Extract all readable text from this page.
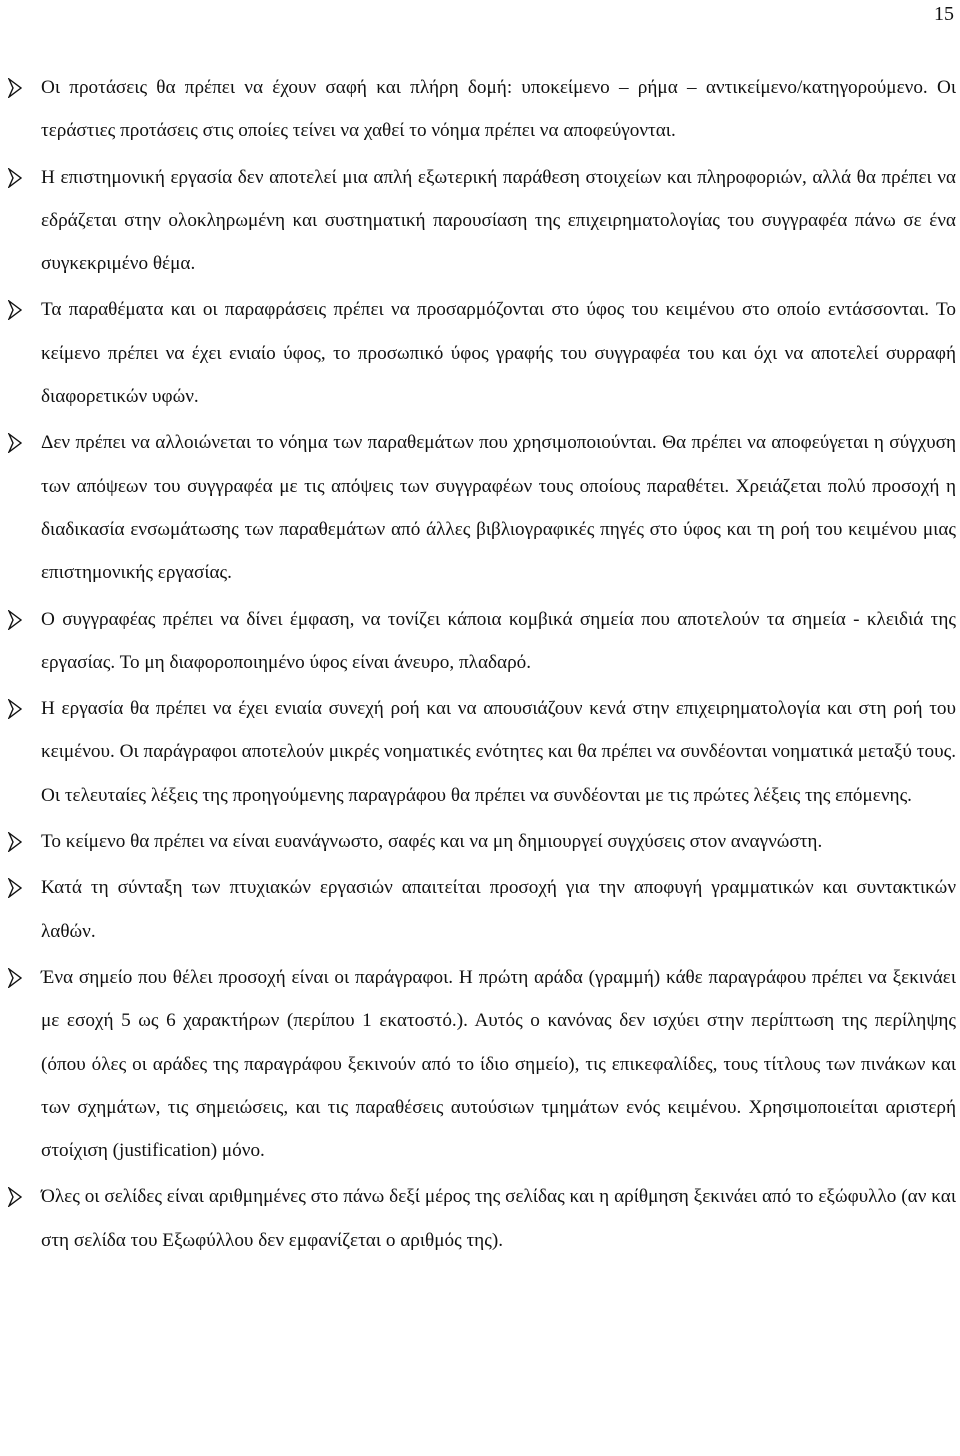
15
Οι προτάσεις θα πρέπει να έχουν σαφή και πλήρη δομή: υποκείμενο – ρήμα – αντικείμενο/κατηγορούμενο. Οι τεράστιες προτάσεις στις οποίες τείνει να χαθεί το νόημα πρέπει να αποφεύγονται.
Η επιστημονική εργασία δεν αποτελεί μια απλή εξωτερική παράθεση στοιχείων και πληροφοριών, αλλά θα πρέπει να εδράζεται στην ολοκληρωμένη και συστηματική παρουσίαση της επιχειρηματολογίας του συγγραφέα πάνω σε ένα συγκεκριμένο θέμα.
Τα παραθέματα και οι παραφράσεις πρέπει να προσαρμόζονται στο ύφος του κειμένου στο οποίο εντάσσονται. Το κείμενο πρέπει να έχει ενιαίο ύφος, το προσωπικό ύφος γραφής του συγγραφέα του και όχι να αποτελεί συρραφή διαφορετικών υφών.
Δεν πρέπει να αλλοιώνεται το νόημα των παραθεμάτων που χρησιμοποιούνται. Θα πρέπει να αποφεύγεται η σύγχυση των απόψεων του συγγραφέα με τις απόψεις των συγγραφέων τους οποίους παραθέτει. Χρειάζεται πολύ προσοχή η διαδικασία ενσωμάτωσης των παραθεμάτων από άλλες βιβλιογραφικές πηγές στο ύφος και τη ροή του κειμένου μιας επιστημονικής εργασίας.
Ο συγγραφέας πρέπει να δίνει έμφαση, να τονίζει κάποια κομβικά σημεία που αποτελούν τα σημεία - κλειδιά της εργασίας. Το μη διαφοροποιημένο ύφος είναι άνευρο, πλαδαρό.
Η εργασία θα πρέπει να έχει ενιαία συνεχή ροή και να απουσιάζουν κενά στην επιχειρηματολογία και στη ροή του κειμένου. Οι παράγραφοι αποτελούν μικρές νοηματικές ενότητες και θα πρέπει να συνδέονται νοηματικά μεταξύ τους. Οι τελευταίες λέξεις της προηγούμενης παραγράφου θα πρέπει να συνδέονται με τις πρώτες λέξεις της επόμενης.
Το κείμενο θα πρέπει να είναι ευανάγνωστο, σαφές και να μη δημιουργεί συγχύσεις στον αναγνώστη.
Κατά τη σύνταξη των πτυχιακών εργασιών απαιτείται προσοχή για την αποφυγή γραμματικών και συντακτικών λαθών.
Ένα σημείο που θέλει προσοχή είναι οι παράγραφοι. Η πρώτη αράδα (γραμμή) κάθε παραγράφου πρέπει να ξεκινάει με εσοχή 5 ως 6 χαρακτήρων (περίπου 1 εκατοστό.). Αυτός ο κανόνας δεν ισχύει στην περίπτωση της περίληψης (όπου όλες οι αράδες της παραγράφου ξεκινούν από το ίδιο σημείο), τις επικεφαλίδες, τους τίτλους των πινάκων και των σχημάτων, τις σημειώσεις, και τις παραθέσεις αυτούσιων τμημάτων ενός κειμένου. Χρησιμοποιείται αριστερή στοίχιση (justification) μόνο.
Όλες οι σελίδες είναι αριθμημένες στο πάνω δεξί μέρος της σελίδας και η αρίθμηση ξεκινάει από το εξώφυλλο (αν και στη σελίδα του Εξωφύλλου δεν εμφανίζεται ο αριθμός της).
